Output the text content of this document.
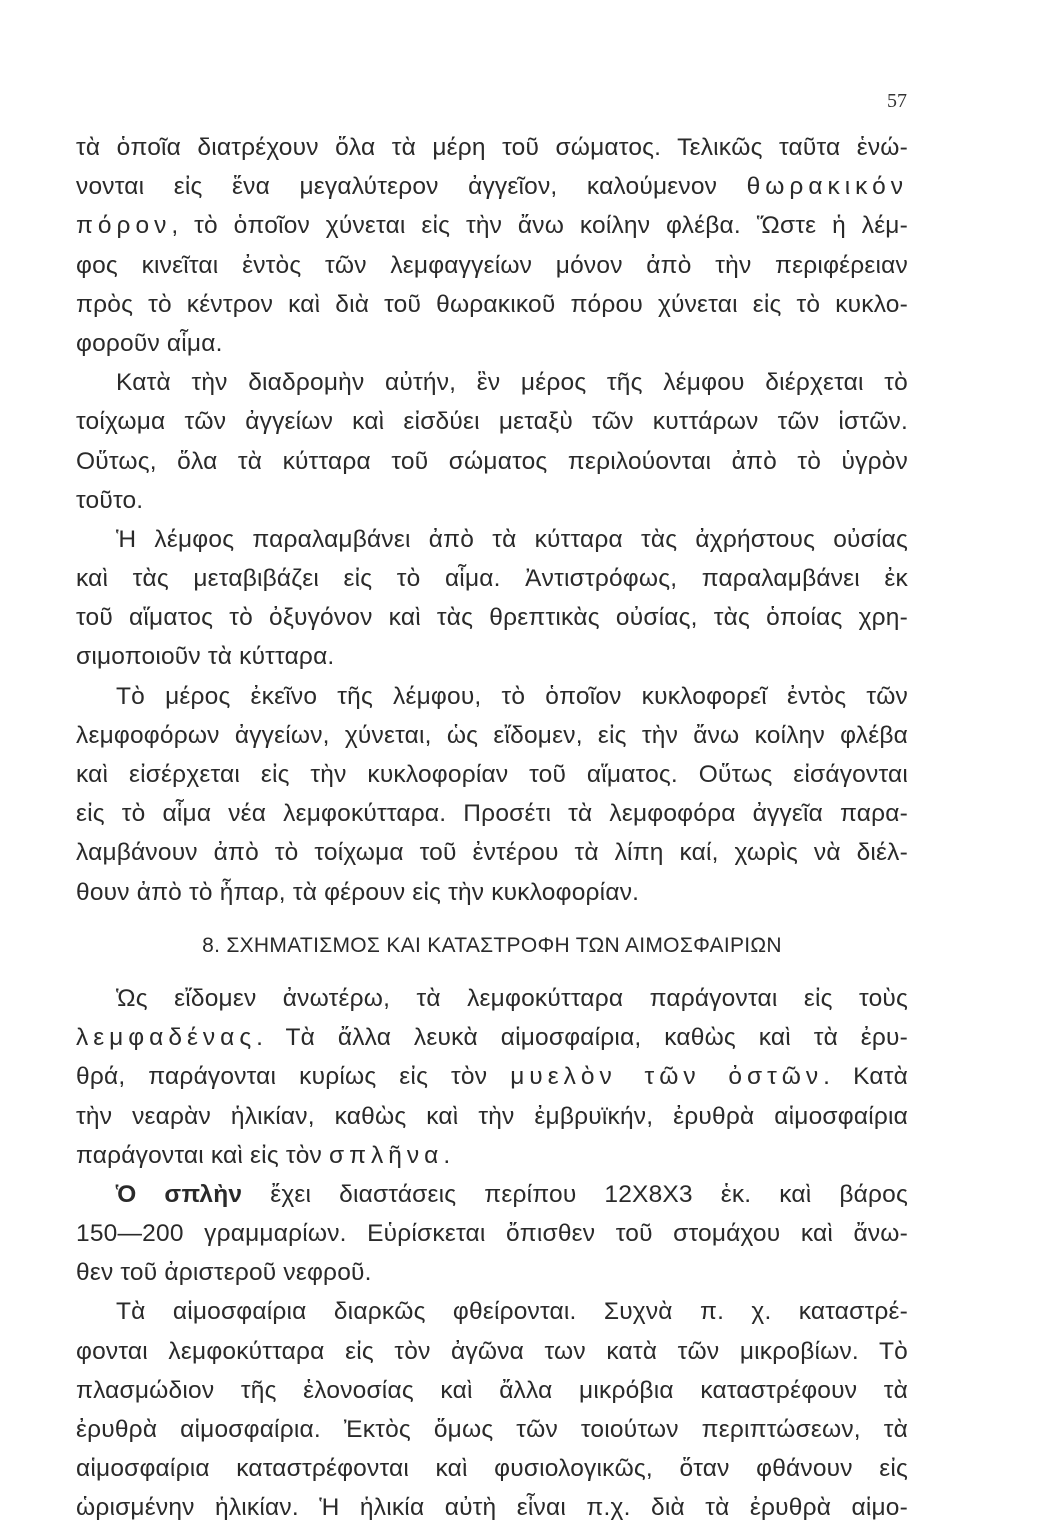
57
τὰ ὁποῖα διατρέχουν ὅλα τὰ μέρη τοῦ σώματος. Τελικῶς ταῦτα ἑνώ-
νονται εἰς ἕνα μεγαλύτερον ἀγγεῖον, καλούμενον θωρακικόν
πόρον, τὸ ὁποῖον χύνεται εἰς τὴν ἄνω κοίλην φλέβα. Ὥστε ἡ λέμ-
φος κινεῖται ἐντὸς τῶν λεμφαγγείων μόνον ἀπὸ τὴν περιφέρειαν
πρὸς τὸ κέντρον καὶ διὰ τοῦ θωρακικοῦ πόρου χύνεται εἰς τὸ κυκλο-
φοροῦν αἷμα.
Κατὰ τὴν διαδρομὴν αὐτήν, ἓν μέρος τῆς λέμφου διέρχεται τὸ
τοίχωμα τῶν ἀγγείων καὶ εἰσδύει μεταξὺ τῶν κυττάρων τῶν ἱστῶν.
Οὕτως, ὅλα τὰ κύτταρα τοῦ σώματος περιλούονται ἀπὸ τὸ ὑγρὸν
τοῦτο.
Ἡ λέμφος παραλαμβάνει ἀπὸ τὰ κύτταρα τὰς ἀχρήστους οὐσίας
καὶ τὰς μεταβιβάζει εἰς τὸ αἷμα. Ἀντιστρόφως, παραλαμβάνει ἐκ
τοῦ αἵματος τὸ ὀξυγόνον καὶ τὰς θρεπτικὰς οὐσίας, τὰς ὁποίας χρη-
σιμοποιοῦν τὰ κύτταρα.
Τὸ μέρος ἐκεῖνο τῆς λέμφου, τὸ ὁποῖον κυκλοφορεῖ ἐντὸς τῶν
λεμφοφόρων ἀγγείων, χύνεται, ὡς εἴδομεν, εἰς τὴν ἄνω κοίλην φλέβα
καὶ εἰσέρχεται εἰς τὴν κυκλοφορίαν τοῦ αἵματος. Οὕτως εἰσάγονται
εἰς τὸ αἷμα νέα λεμφοκύτταρα. Προσέτι τὰ λεμφοφόρα ἀγγεῖα παρα-
λαμβάνουν ἀπὸ τὸ τοίχωμα τοῦ ἐντέρου τὰ λίπη καί, χωρὶς νὰ διέλ-
θουν ἀπὸ τὸ ἧπαρ, τὰ φέρουν εἰς τὴν κυκλοφορίαν.
8. ΣΧΗΜΑΤΙΣΜΟΣ ΚΑΙ ΚΑΤΑΣΤΡΟΦΗ ΤΩΝ ΑΙΜΟΣΦΑΙΡΙΩΝ
Ὡς εἴδομεν ἀνωτέρω, τὰ λεμφοκύτταρα παράγονται εἰς τοὺς
λεμφαδένας. Τὰ ἄλλα λευκὰ αἱμοσφαίρια, καθὼς καὶ τὰ ἐρυ-
θρά, παράγονται κυρίως εἰς τὸν μυελὸν τῶν ὀστῶν. Κατὰ
τὴν νεαρὰν ἡλικίαν, καθὼς καὶ τὴν ἐμβρυϊκήν, ἐρυθρὰ αἱμοσφαίρια
παράγονται καὶ εἰς τὸν σπλῆνα.
Ὁ σπλὴν ἔχει διαστάσεις περίπου 12Χ8Χ3 ἑκ. καὶ βάρος
150—200 γραμμαρίων. Εὑρίσκεται ὄπισθεν τοῦ στομάχου καὶ ἄνω-
θεν τοῦ ἀριστεροῦ νεφροῦ.
Τὰ αἱμοσφαίρια διαρκῶς φθείρονται. Συχνὰ π. χ. καταστρέ-
φονται λεμφοκύτταρα εἰς τὸν ἀγῶνα των κατὰ τῶν μικροβίων. Τὸ
πλασμώδιον τῆς ἑλονοσίας καὶ ἄλλα μικρόβια καταστρέφουν τὰ
ἐρυθρὰ αἱμοσφαίρια. Ἐκτὸς ὅμως τῶν τοιούτων περιπτώσεων, τὰ
αἱμοσφαίρια καταστρέφονται καὶ φυσιολογικῶς, ὅταν φθάνουν εἰς
ὡρισμένην ἡλικίαν. Ἡ ἡλικία αὐτὴ εἶναι π.χ. διὰ τὰ ἐρυθρὰ αἱμο-
